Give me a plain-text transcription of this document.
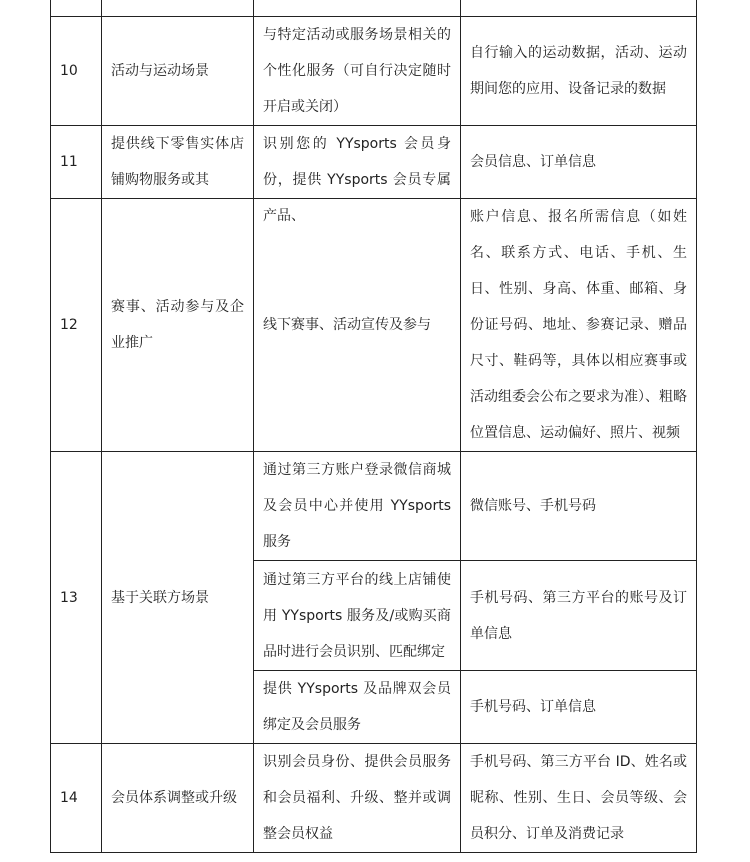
10	活动与运动场景	与特定活动或服务场景相关的个性化服务（可自行决定随时开启或关闭）	自行输入的运动数据，活动、运动期间您的应用、设备记录的数据
11	提供线下零售实体店铺购物服务或其	识别您的 YYsports 会员身份，提供 YYsports 会员专属产品、	会员信息、订单信息
12	赛事、活动参与及企业推广	线下赛事、活动宣传及参与	账户信息、报名所需信息（如姓名、联系方式、电话、手机、生日、性别、身高、体重、邮箱、身份证号码、地址、参赛记录、赠品尺寸、鞋码等，具体以相应赛事或活动组委会公布之要求为准）、粗略位置信息、运动偏好、照片、视频
13	基于关联方场景	通过第三方账户登录微信商城及会员中心并使用 YYsports 服务	微信账号、手机号码
		通过第三方平台的线上店铺使用 YYsports 服务及/或购买商品时进行会员识别、匹配绑定	手机号码、第三方平台的账号及订单信息
		提供 YYsports 及品牌双会员绑定及会员服务	手机号码、订单信息
14	会员体系调整或升级	识别会员身份、提供会员服务和会员福利、升级、整并或调整会员权益	手机号码、第三方平台 ID、姓名或昵称、性别、生日、会员等级、会员积分、订单及消费记录
